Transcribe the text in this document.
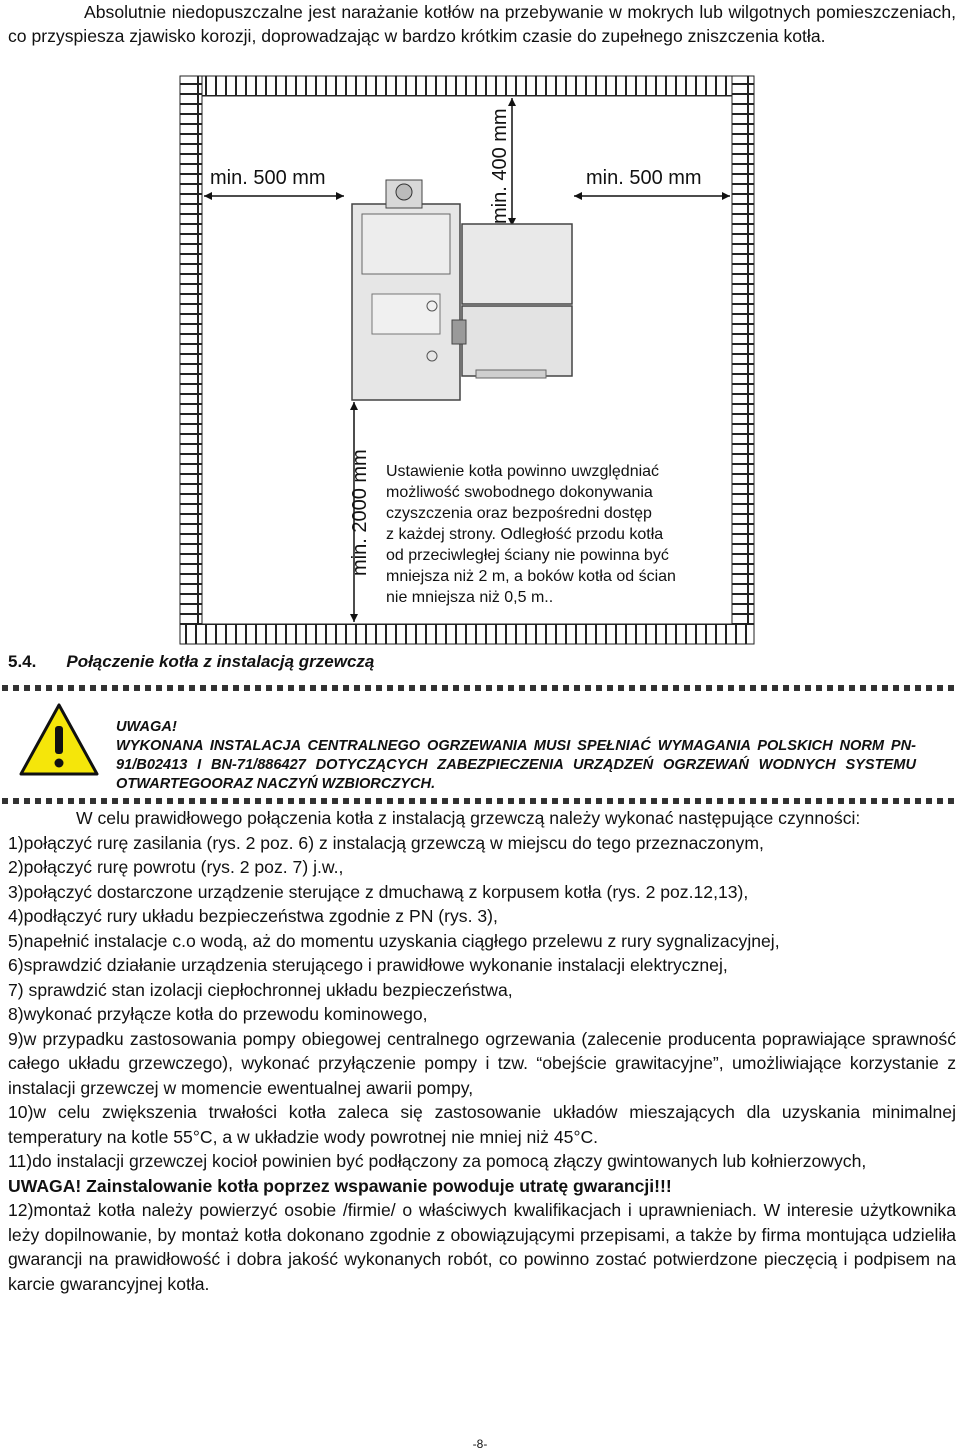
Absolutnie niedopuszczalne jest narażanie kotłów na przebywanie w mokrych lub wilgotnych pomieszczeniach, co przyspiesza zjawisko korozji, doprowadzając w bardzo krótkim czasie do zupełnego zniszczenia kotła.
min. 500 mm	min. 500 mm
min. 400 mm
min. 2000 mm Ustawienie kotła powinno uwzględniać
możliwość swobodnego dokonywania
czyszczenia oraz bezpośredni dostęp
z każdej strony. Odległość przodu kotła
od przeciwległej ściany nie powinna być
mniejsza niż 2 m, a boków kotła od ścian
nie mniejsza niż 0,5 m..
5.4. Połączenie kotła z instalacją grzewczą
UWAGA!
WYKONANA INSTALACJA CENTRALNEGO OGRZEWANIA MUSI SPEŁNIAĆ WYMAGANIA POLSKICH NORM PN-91/B02413 I BN-71/886427 DOTYCZĄCYCH ZABEZPIECZENIA URZĄDZEŃ OGRZEWAŃ WODNYCH SYSTEMU OTWARTEGOORAZ NACZYŃ WZBIORCZYCH.

W celu prawidłowego połączenia kotła z instalacją grzewczą należy wykonać następujące czynności:

1)połączyć rurę zasilania (rys. 2 poz. 6) z instalacją grzewczą w miejscu do tego przeznaczonym,

2)połączyć rurę powrotu (rys. 2 poz. 7) j.w.,

3)połączyć dostarczone urządzenie sterujące z dmuchawą z korpusem kotła (rys. 2 poz.12,13),

4)podłączyć rury układu bezpieczeństwa zgodnie z PN (rys. 3),

5)napełnić instalacje c.o wodą, aż do momentu uzyskania ciągłego przelewu z rury sygnalizacyjnej,

6)sprawdzić działanie urządzenia sterującego i prawidłowe wykonanie instalacji elektrycznej,

7) sprawdzić stan izolacji ciepłochronnej układu bezpieczeństwa,

8)wykonać przyłącze kotła do przewodu kominowego,

9)w przypadku zastosowania pompy obiegowej centralnego ogrzewania (zalecenie producenta poprawiające sprawność całego układu grzewczego), wykonać przyłączenie pompy i tzw. “obejście grawitacyjne”, umożliwiające korzystanie z instalacji grzewczej w momencie ewentualnej awarii pompy,

10)w celu zwiększenia trwałości kotła zaleca się zastosowanie układów mieszających dla uzyskania minimalnej temperatury na kotle 55°C, a w układzie wody powrotnej nie mniej niż 45°C.

11)do instalacji grzewczej kocioł powinien być podłączony za pomocą złączy gwintowanych lub kołnierzowych,

UWAGA! Zainstalowanie kotła poprzez wspawanie powoduje utratę gwarancji!!!

12)montaż kotła należy powierzyć osobie /firmie/ o właściwych kwalifikacjach i uprawnieniach. W interesie użytkownika leży dopilnowanie, by montaż kotła dokonano zgodnie z obowiązującymi przepisami, a także by firma montująca udzieliła gwarancji na prawidłowość i dobra jakość wykonanych robót, co powinno zostać potwierdzone pieczęcią i podpisem na karcie gwarancyjnej kotła.

-8-
